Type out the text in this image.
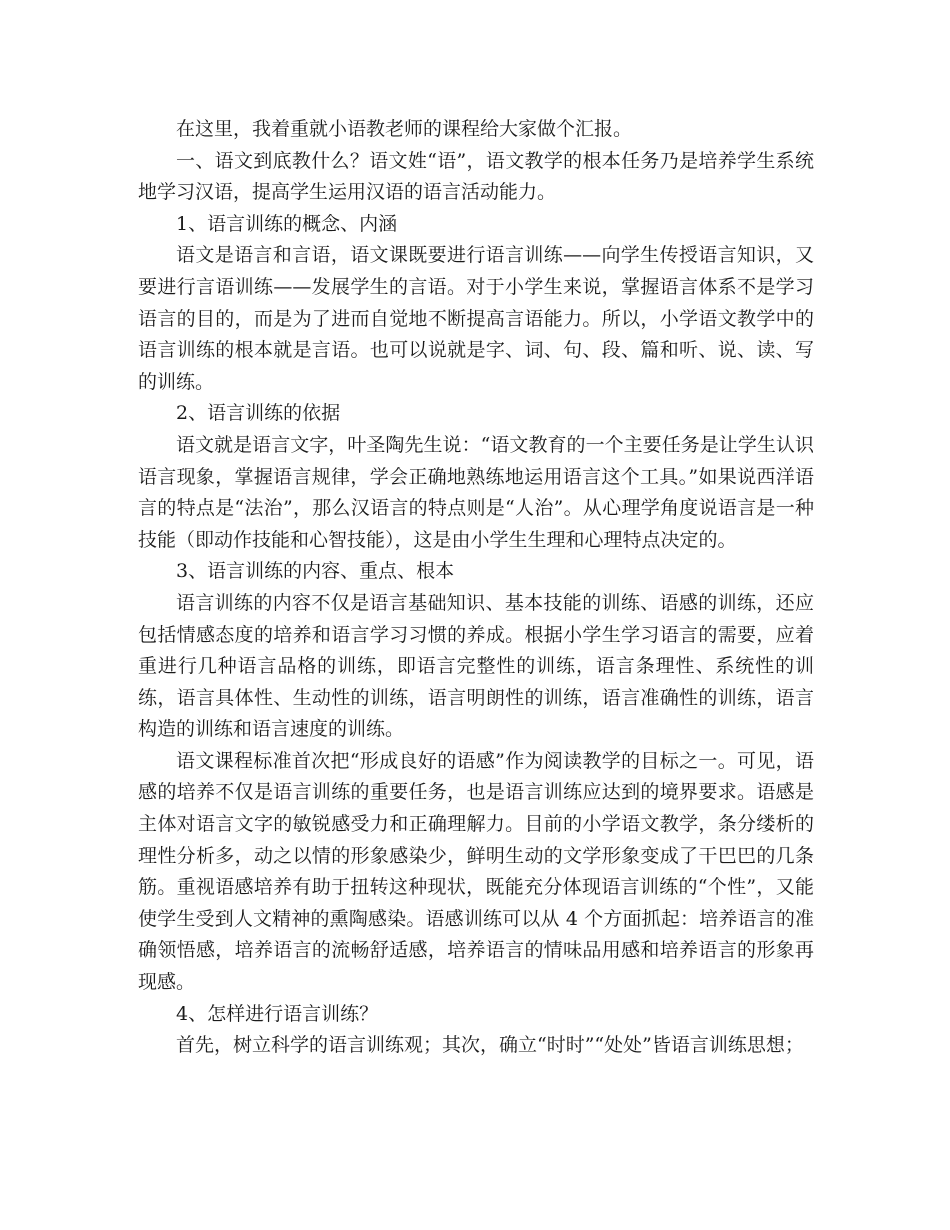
在这里，我着重就小语教老师的课程给大家做个汇报。

一、语文到底教什么？语文姓“语”，语文教学的根本任务乃是培养学生系统地学习汉语，提高学生运用汉语的语言活动能力。

1、语言训练的概念、内涵

语文是语言和言语，语文课既要进行语言训练——向学生传授语言知识，又要进行言语训练——发展学生的言语。对于小学生来说，掌握语言体系不是学习语言的目的，而是为了进而自觉地不断提高言语能力。所以，小学语文教学中的语言训练的根本就是言语。也可以说就是字、词、句、段、篇和听、说、读、写的训练。

2、语言训练的依据

语文就是语言文字，叶圣陶先生说：“语文教育的一个主要任务是让学生认识语言现象，掌握语言规律，学会正确地熟练地运用语言这个工具。”如果说西洋语言的特点是“法治”，那么汉语言的特点则是“人治”。从心理学角度说语言是一种技能（即动作技能和心智技能），这是由小学生生理和心理特点决定的。

3、语言训练的内容、重点、根本

语言训练的内容不仅是语言基础知识、基本技能的训练、语感的训练，还应包括情感态度的培养和语言学习习惯的养成。根据小学生学习语言的需要，应着重进行几种语言品格的训练，即语言完整性的训练，语言条理性、系统性的训练，语言具体性、生动性的训练，语言明朗性的训练，语言准确性的训练，语言构造的训练和语言速度的训练。

语文课程标准首次把“形成良好的语感”作为阅读教学的目标之一。可见，语感的培养不仅是语言训练的重要任务，也是语言训练应达到的境界要求。语感是主体对语言文字的敏锐感受力和正确理解力。目前的小学语文教学，条分缕析的理性分析多，动之以情的形象感染少，鲜明生动的文学形象变成了干巴巴的几条筋。重视语感培养有助于扭转这种现状，既能充分体现语言训练的“个性”，又能使学生受到人文精神的熏陶感染。语感训练可以从 4 个方面抓起：培养语言的准确领悟感，培养语言的流畅舒适感，培养语言的情味品用感和培养语言的形象再现感。

4、怎样进行语言训练？

首先，树立科学的语言训练观；其次，确立“时时”“处处”皆语言训练思想；
